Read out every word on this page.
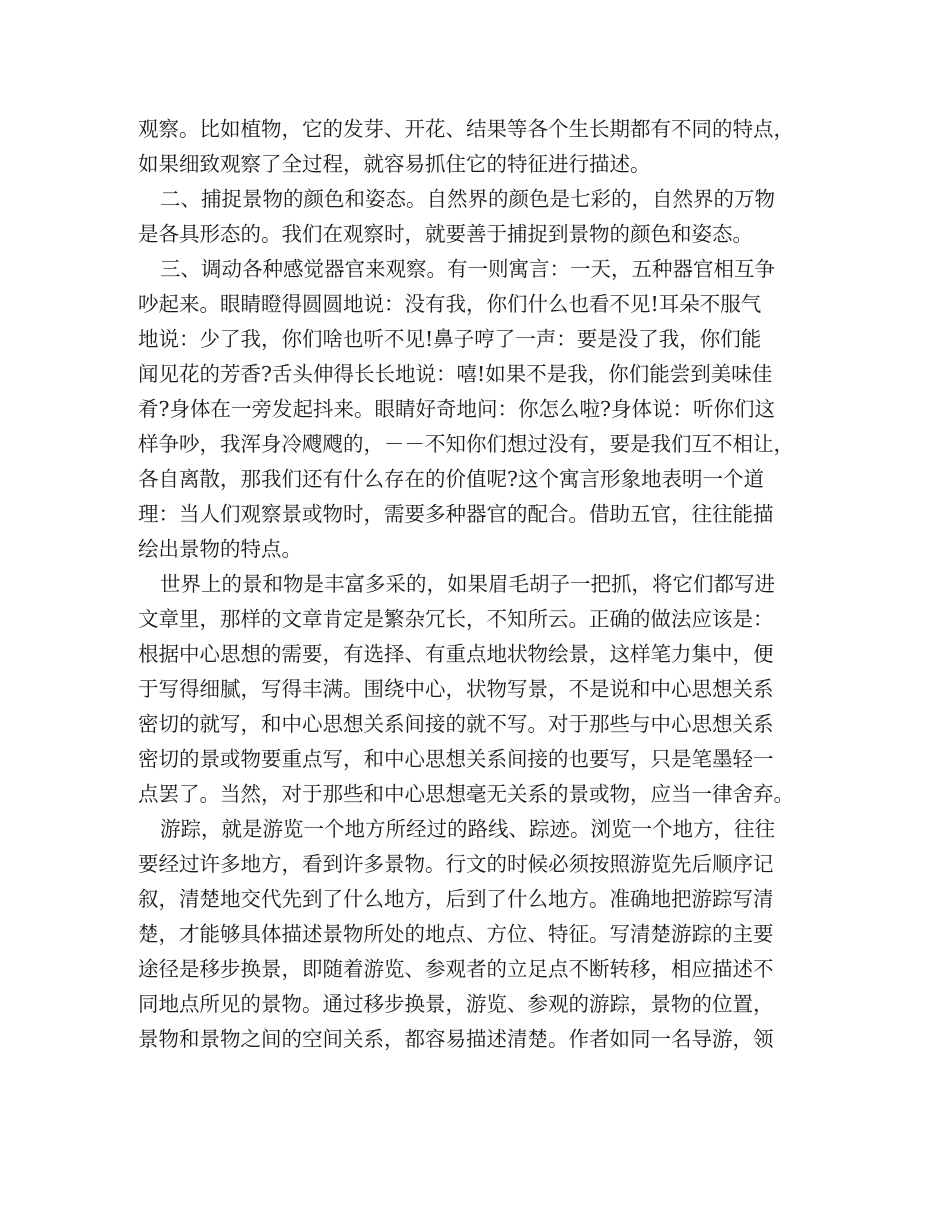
观察。比如植物，它的发芽、开花、结果等各个生长期都有不同的特点，
如果细致观察了全过程，就容易抓住它的特征进行描述。
二、捕捉景物的颜色和姿态。自然界的颜色是七彩的，自然界的万物
是各具形态的。我们在观察时，就要善于捕捉到景物的颜色和姿态。
三、调动各种感觉器官来观察。有一则寓言：一天，五种器官相互争
吵起来。眼睛瞪得圆圆地说：没有我，你们什么也看不见!耳朵不服气
地说：少了我，你们啥也听不见!鼻子哼了一声：要是没了我，你们能
闻见花的芳香?舌头伸得长长地说：嘻!如果不是我，你们能尝到美味佳
肴?身体在一旁发起抖来。眼睛好奇地问：你怎么啦?身体说：听你们这
样争吵，我浑身冷飕飕的，－－不知你们想过没有，要是我们互不相让，
各自离散，那我们还有什么存在的价值呢?这个寓言形象地表明一个道
理：当人们观察景或物时，需要多种器官的配合。借助五官，往往能描
绘出景物的特点。
世界上的景和物是丰富多采的，如果眉毛胡子一把抓，将它们都写进
文章里，那样的文章肯定是繁杂冗长，不知所云。正确的做法应该是：
根据中心思想的需要，有选择、有重点地状物绘景，这样笔力集中，便
于写得细腻，写得丰满。围绕中心，状物写景，不是说和中心思想关系
密切的就写，和中心思想关系间接的就不写。对于那些与中心思想关系
密切的景或物要重点写，和中心思想关系间接的也要写，只是笔墨轻一
点罢了。当然，对于那些和中心思想毫无关系的景或物，应当一律舍弃。
游踪，就是游览一个地方所经过的路线、踪迹。浏览一个地方，往往
要经过许多地方，看到许多景物。行文的时候必须按照游览先后顺序记
叙，清楚地交代先到了什么地方，后到了什么地方。准确地把游踪写清
楚，才能够具体描述景物所处的地点、方位、特征。写清楚游踪的主要
途径是移步换景，即随着游览、参观者的立足点不断转移，相应描述不
同地点所见的景物。通过移步换景，游览、参观的游踪，景物的位置，
景物和景物之间的空间关系，都容易描述清楚。作者如同一名导游，领
